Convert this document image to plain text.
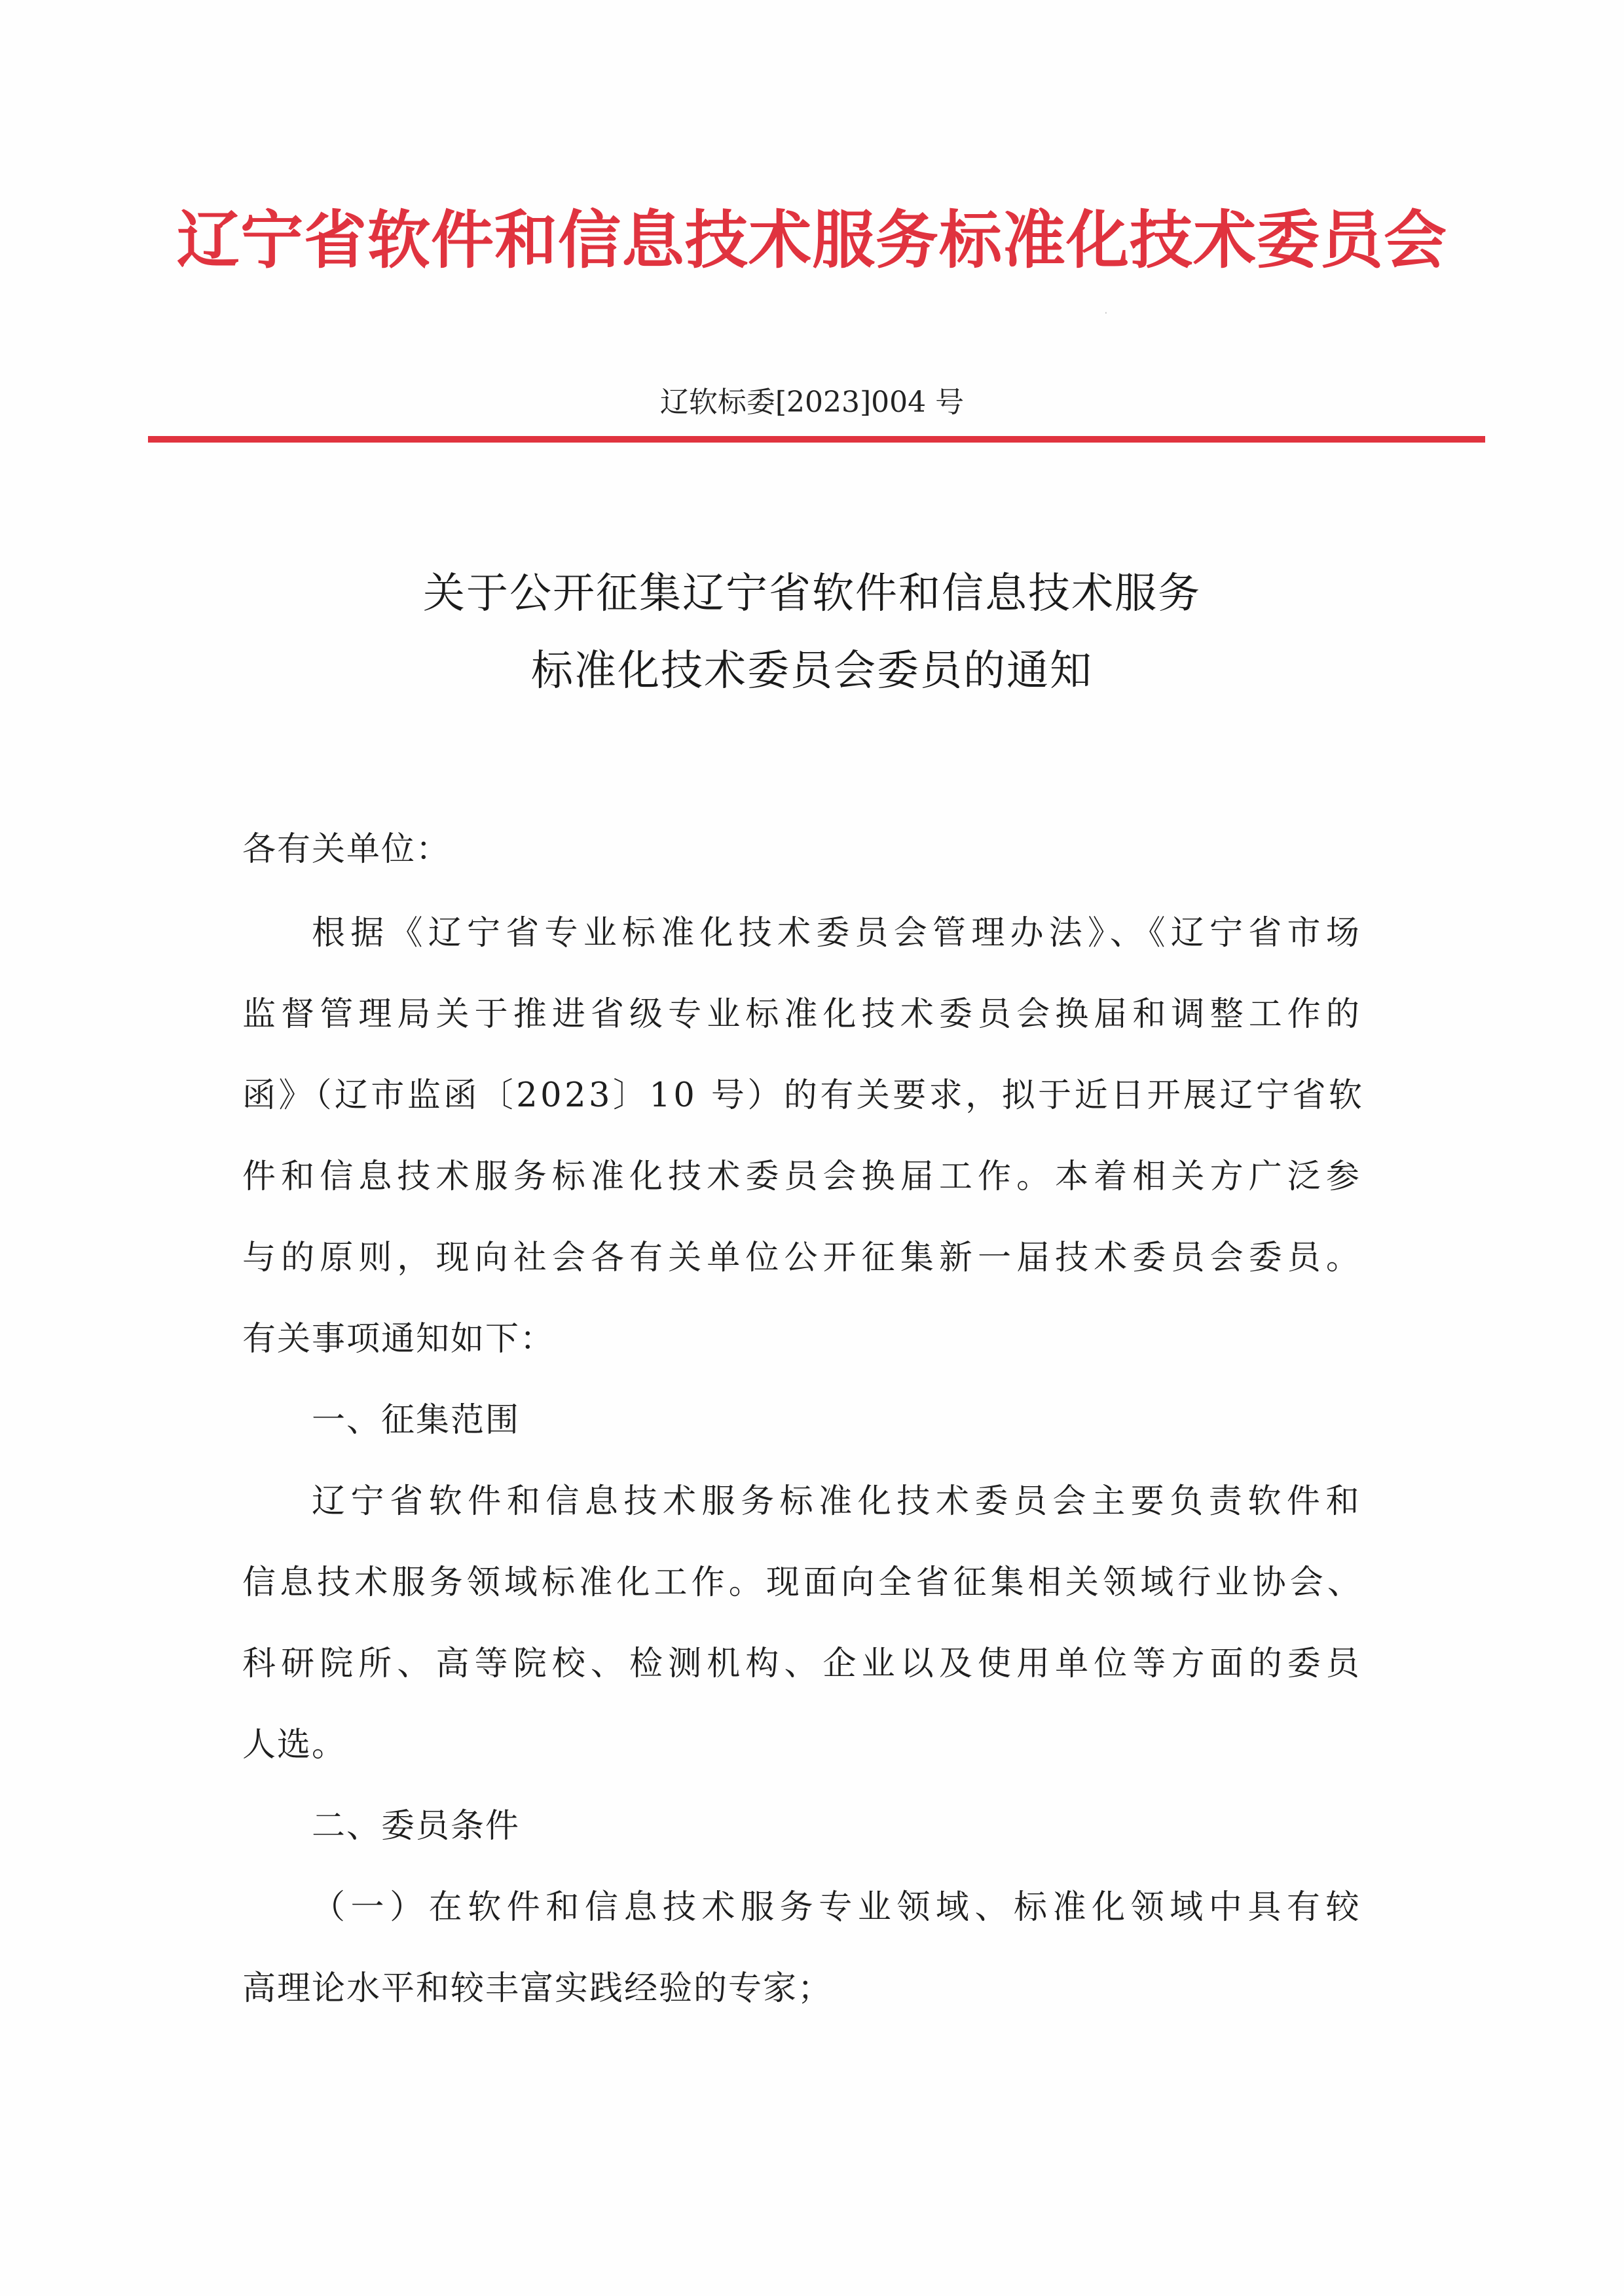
辽宁省软件和信息技术服务标准化技术委员会
·
辽软标委[2023]004 号
关于公开征集辽宁省软件和信息技术服务
标准化技术委员会委员的通知
各有关单位：
根据《辽宁省专业标准化技术委员会管理办法》、《辽宁省市场
监督管理局关于推进省级专业标准化技术委员会换届和调整工作的
函》（辽市监函〔2023〕10 号）的有关要求，拟于近日开展辽宁省软
件和信息技术服务标准化技术委员会换届工作。本着相关方广泛参
与的原则，现向社会各有关单位公开征集新一届技术委员会委员。
有关事项通知如下：
一、征集范围
辽宁省软件和信息技术服务标准化技术委员会主要负责软件和
信息技术服务领域标准化工作。现面向全省征集相关领域行业协会、
科研院所、高等院校、检测机构、企业以及使用单位等方面的委员
人选。
二、委员条件
（一）在软件和信息技术服务专业领域、标准化领域中具有较
高理论水平和较丰富实践经验的专家；
